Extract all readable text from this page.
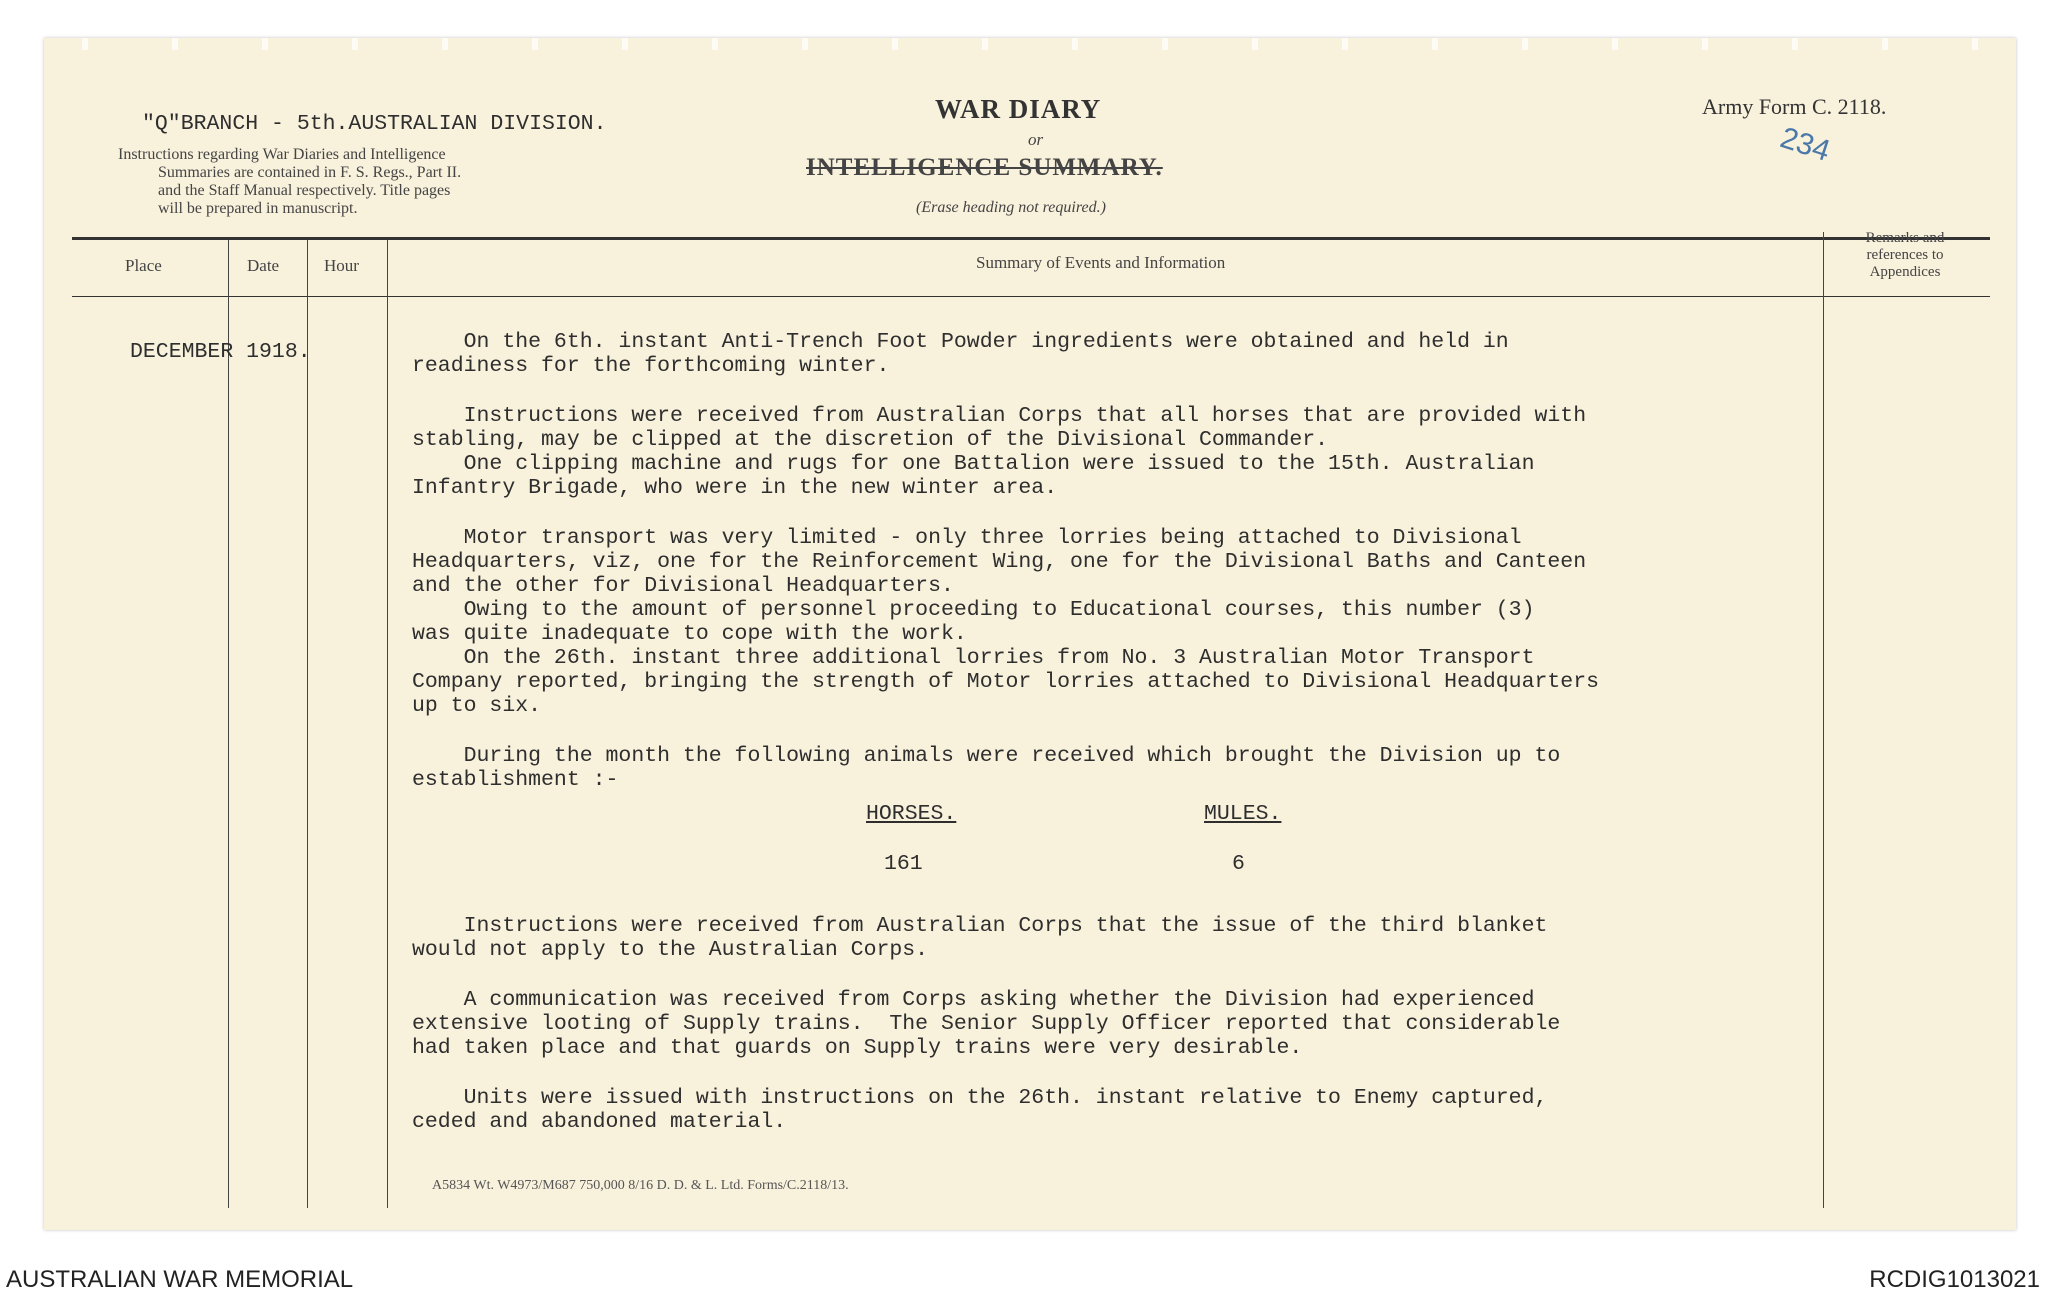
"Q"BRANCH - 5th.AUSTRALIAN DIVISION.
Instructions regarding War Diaries and Intelligence
Summaries are contained in F. S. Regs., Part II.
and the Staff Manual respectively. Title pages
will be prepared in manuscript.
WAR DIARY
or
INTELLIGENCE SUMMARY.
(Erase heading not required.)
Army Form C. 2118.
234
Place	Date	Hour	Summary of Events and Information
Remarks and
references to
Appendices
DECEMBER 1918.	On the 6th. instant Anti-Trench Foot Powder ingredients were obtained and held in
readiness for the forthcoming winter.
Instructions were received from Australian Corps that all horses that are provided with
stabling, may be clipped at the discretion of the Divisional Commander.
One clipping machine and rugs for one Battalion were issued to the 15th. Australian
Infantry Brigade, who were in the new winter area.
Motor transport was very limited - only three lorries being attached to Divisional
Headquarters, viz, one for the Reinforcement Wing, one for the Divisional Baths and Canteen
and the other for Divisional Headquarters.
Owing to the amount of personnel proceeding to Educational courses, this number (3)
was quite inadequate to cope with the work.
On the 26th. instant three additional lorries from No. 3 Australian Motor Transport
Company reported, bringing the strength of Motor lorries attached to Divisional Headquarters
up to six.
During the month the following animals were received which brought the Division up to
establishment :-
HORSES.	MULES.
161	6
Instructions were received from Australian Corps that the issue of the third blanket
would not apply to the Australian Corps.
A communication was received from Corps asking whether the Division had experienced
extensive looting of Supply trains.  The Senior Supply Officer reported that considerable
had taken place and that guards on Supply trains were very desirable.
Units were issued with instructions on the 26th. instant relative to Enemy captured,
ceded and abandoned material.
A5834 Wt. W4973/M687 750,000 8/16 D. D. & L. Ltd. Forms/C.2118/13.
AUSTRALIAN WAR MEMORIAL	RCDIG1013021
